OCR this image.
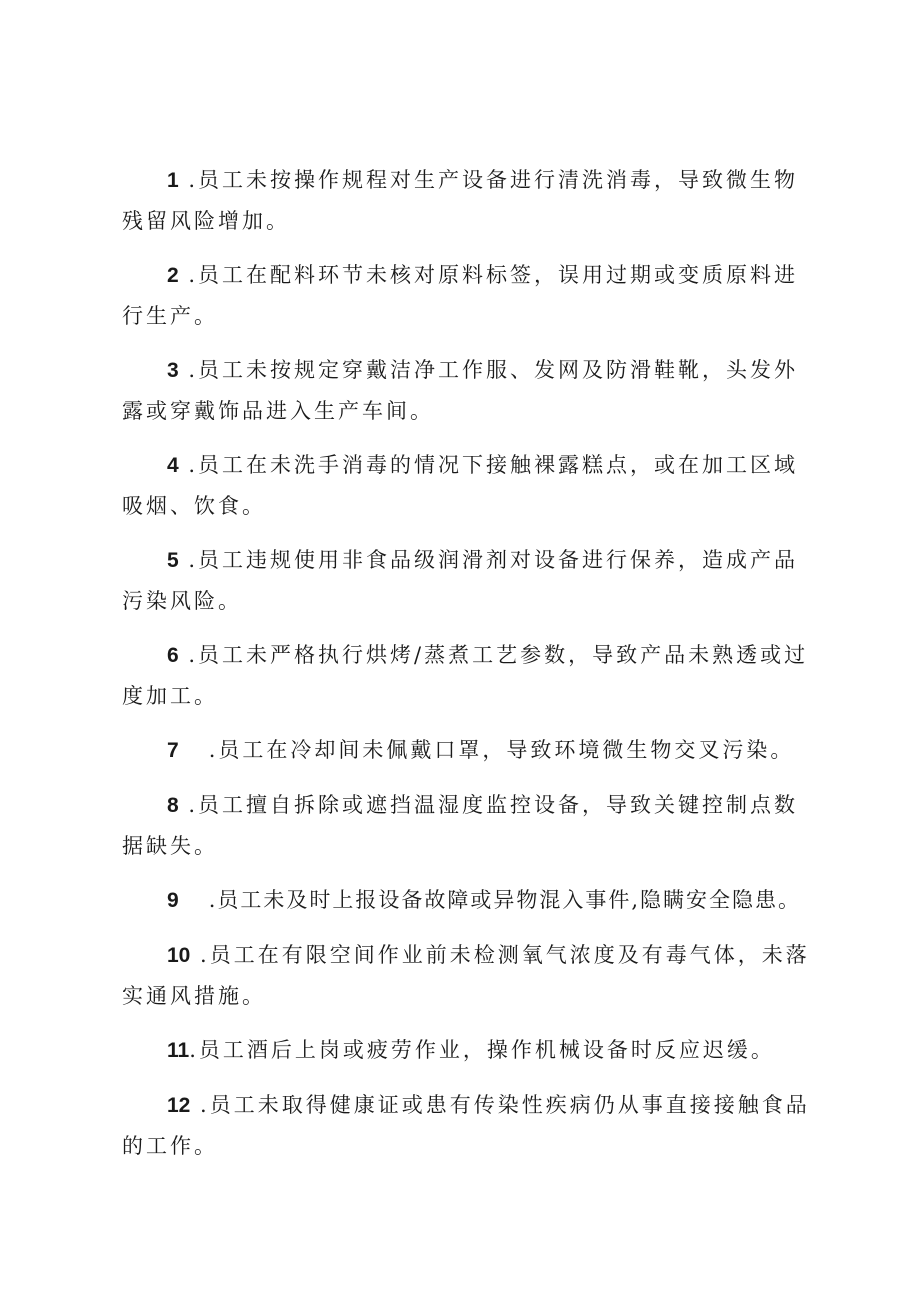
1 .员工未按操作规程对生产设备进行清洗消毒，导致微生物残留风险增加。

2 .员工在配料环节未核对原料标签，误用过期或变质原料进行生产。

3 .员工未按规定穿戴洁净工作服、发网及防滑鞋靴，头发外露或穿戴饰品进入生产车间。

4 .员工在未洗手消毒的情况下接触裸露糕点，或在加工区域吸烟、饮食。

5 .员工违规使用非食品级润滑剂对设备进行保养，造成产品污染风险。

6 .员工未严格执行烘烤/蒸煮工艺参数，导致产品未熟透或过度加工。

7 .员工在冷却间未佩戴口罩，导致环境微生物交叉污染。

8 .员工擅自拆除或遮挡温湿度监控设备，导致关键控制点数据缺失。

9 .员工未及时上报设备故障或异物混入事件,隐瞒安全隐患。

10 .员工在有限空间作业前未检测氧气浓度及有毒气体，未落实通风措施。

11.员工酒后上岗或疲劳作业，操作机械设备时反应迟缓。

12 .员工未取得健康证或患有传染性疾病仍从事直接接触食品的工作。
